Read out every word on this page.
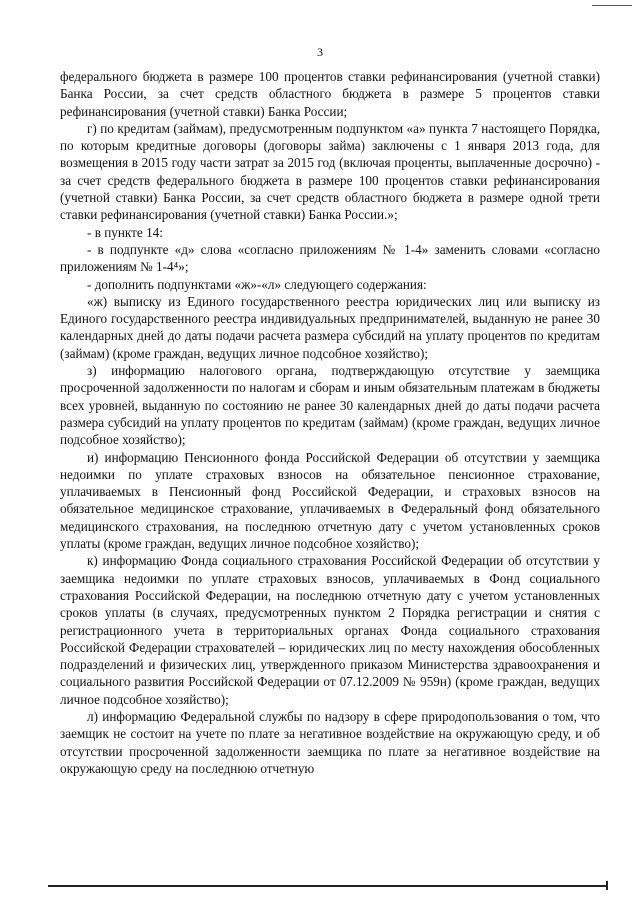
3

федерального бюджета в размере 100 процентов ставки рефинансирования (учетной ставки) Банка России, за счет средств областного бюджета в размере 5 процентов ставки рефинансирования (учетной ставки) Банка России;

г) по кредитам (займам), предусмотренным подпунктом «а» пункта 7 настоящего Порядка, по которым кредитные договоры (договоры займа) заключены с 1 января 2013 года, для возмещения в 2015 году части затрат за 2015 год (включая проценты, выплаченные досрочно) - за счет средств федерального бюджета в размере 100 процентов ставки рефинансирования (учетной ставки) Банка России, за счет средств областного бюджета в размере одной трети ставки рефинансирования (учетной ставки) Банка России.»;

- в пункте 14:

- в подпункте «д» слова «согласно приложениям № 1-4» заменить словами «согласно приложениям № 1-4⁴»;

- дополнить подпунктами «ж»-«л» следующего содержания:

«ж) выписку из Единого государственного реестра юридических лиц или выписку из Единого государственного реестра индивидуальных предпринимателей, выданную не ранее 30 календарных дней до даты подачи расчета размера субсидий на уплату процентов по кредитам (займам) (кроме граждан, ведущих личное подсобное хозяйство);

з) информацию налогового органа, подтверждающую отсутствие у заемщика просроченной задолженности по налогам и сборам и иным обязательным платежам в бюджеты всех уровней, выданную по состоянию не ранее 30 календарных дней до даты подачи расчета размера субсидий на уплату процентов по кредитам (займам) (кроме граждан, ведущих личное подсобное хозяйство);

и) информацию Пенсионного фонда Российской Федерации об отсутствии у заемщика недоимки по уплате страховых взносов на обязательное пенсионное страхование, уплачиваемых в Пенсионный фонд Российской Федерации, и страховых взносов на обязательное медицинское страхование, уплачиваемых в Федеральный фонд обязательного медицинского страхования, на последнюю отчетную дату с учетом установленных сроков уплаты (кроме граждан, ведущих личное подсобное хозяйство);

к) информацию Фонда социального страхования Российской Федерации об отсутствии у заемщика недоимки по уплате страховых взносов, уплачиваемых в Фонд социального страхования Российской Федерации, на последнюю отчетную дату с учетом установленных сроков уплаты (в случаях, предусмотренных пунктом 2 Порядка регистрации и снятия с регистрационного учета в территориальных органах Фонда социального страхования Российской Федерации страхователей – юридических лиц по месту нахождения обособленных подразделений и физических лиц, утвержденного приказом Министерства здравоохранения и социального развития Российской Федерации от 07.12.2009 № 959н) (кроме граждан, ведущих личное подсобное хозяйство);

л) информацию Федеральной службы по надзору в сфере природопользования о том, что заемщик не состоит на учете по плате за негативное воздействие на окружающую среду, и об отсутствии просроченной задолженности заемщика по плате за негативное воздействие на окружающую среду на последнюю отчетную
